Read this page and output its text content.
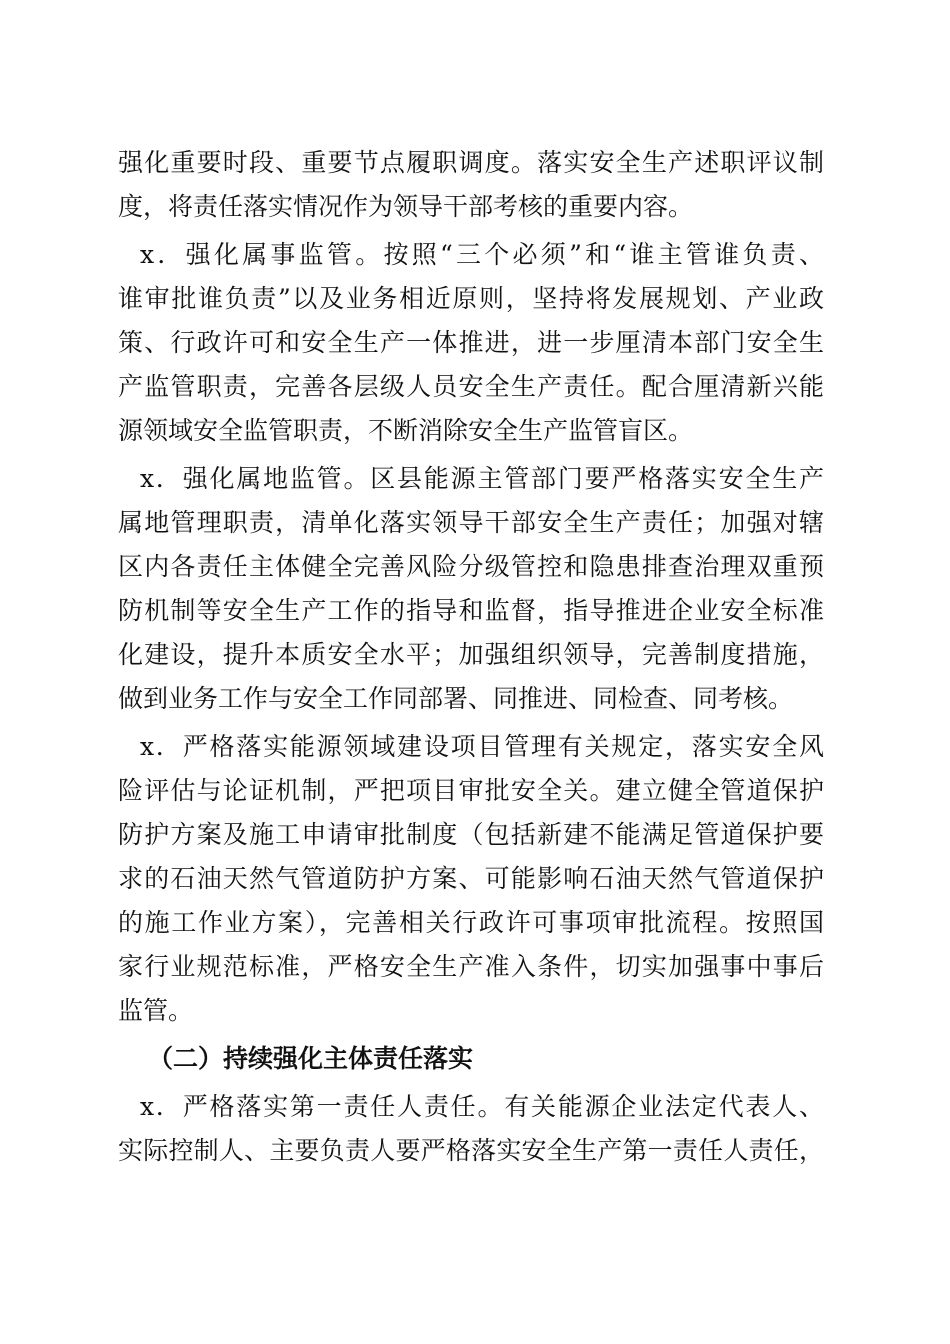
强化重要时段、重要节点履职调度。落实安全生产述职评议制
度，将责任落实情况作为领导干部考核的重要内容。
x．强化属事监管。按照“三个必须”和“谁主管谁负责、
谁审批谁负责”以及业务相近原则，坚持将发展规划、产业政
策、行政许可和安全生产一体推进，进一步厘清本部门安全生
产监管职责，完善各层级人员安全生产责任。配合厘清新兴能
源领域安全监管职责，不断消除安全生产监管盲区。
x．强化属地监管。区县能源主管部门要严格落实安全生产
属地管理职责，清单化落实领导干部安全生产责任；加强对辖
区内各责任主体健全完善风险分级管控和隐患排查治理双重预
防机制等安全生产工作的指导和监督，指导推进企业安全标准
化建设，提升本质安全水平；加强组织领导，完善制度措施，
做到业务工作与安全工作同部署、同推进、同检查、同考核。
x．严格落实能源领域建设项目管理有关规定，落实安全风
险评估与论证机制，严把项目审批安全关。建立健全管道保护
防护方案及施工申请审批制度（包括新建不能满足管道保护要
求的石油天然气管道防护方案、可能影响石油天然气管道保护
的施工作业方案），完善相关行政许可事项审批流程。按照国
家行业规范标准，严格安全生产准入条件，切实加强事中事后
监管。
（二）持续强化主体责任落实
x．严格落实第一责任人责任。有关能源企业法定代表人、
实际控制人、主要负责人要严格落实安全生产第一责任人责任，
